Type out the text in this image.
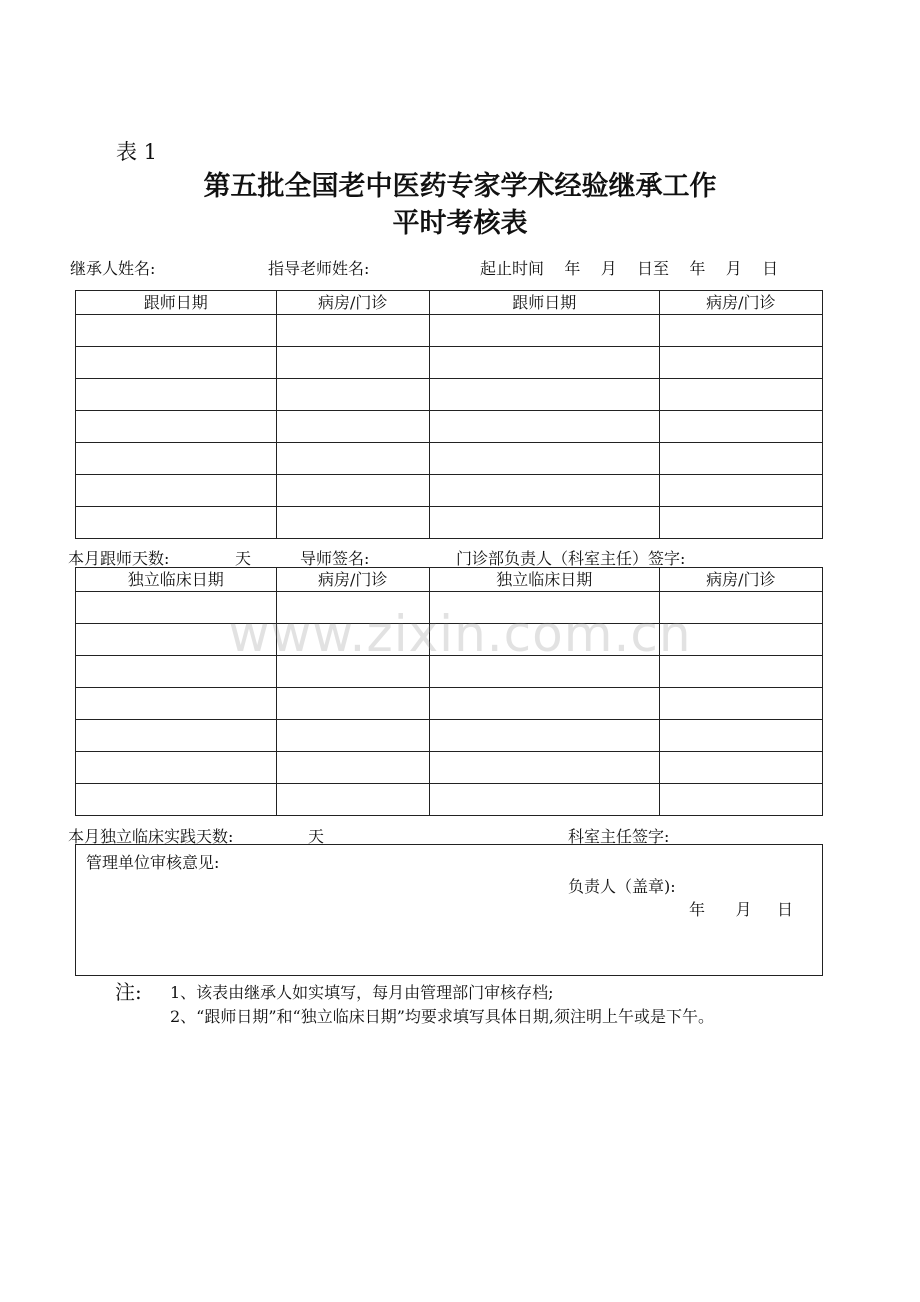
表 1
第五批全国老中医药专家学术经验继承工作
平时考核表
继承人姓名:	指导老师姓名:	起止时间    年    月    日至    年    月    日
跟师日期	病房/门诊	跟师日期	病房/门诊

本月跟师天数:	天	导师签名:	门诊部负责人（科室主任）签字:
独立临床日期	病房/门诊	独立临床日期	病房/门诊

本月独立临床实践天数:	天	科室主任签字:
管理单位审核意见:
负责人（盖章):
年      月     日
注: 1、该表由继承人如实填写，每月由管理部门审核存档;
2、“跟师日期”和“独立临床日期”均要求填写具体日期,须注明上午或是下午。
www.zixin.com.cn
